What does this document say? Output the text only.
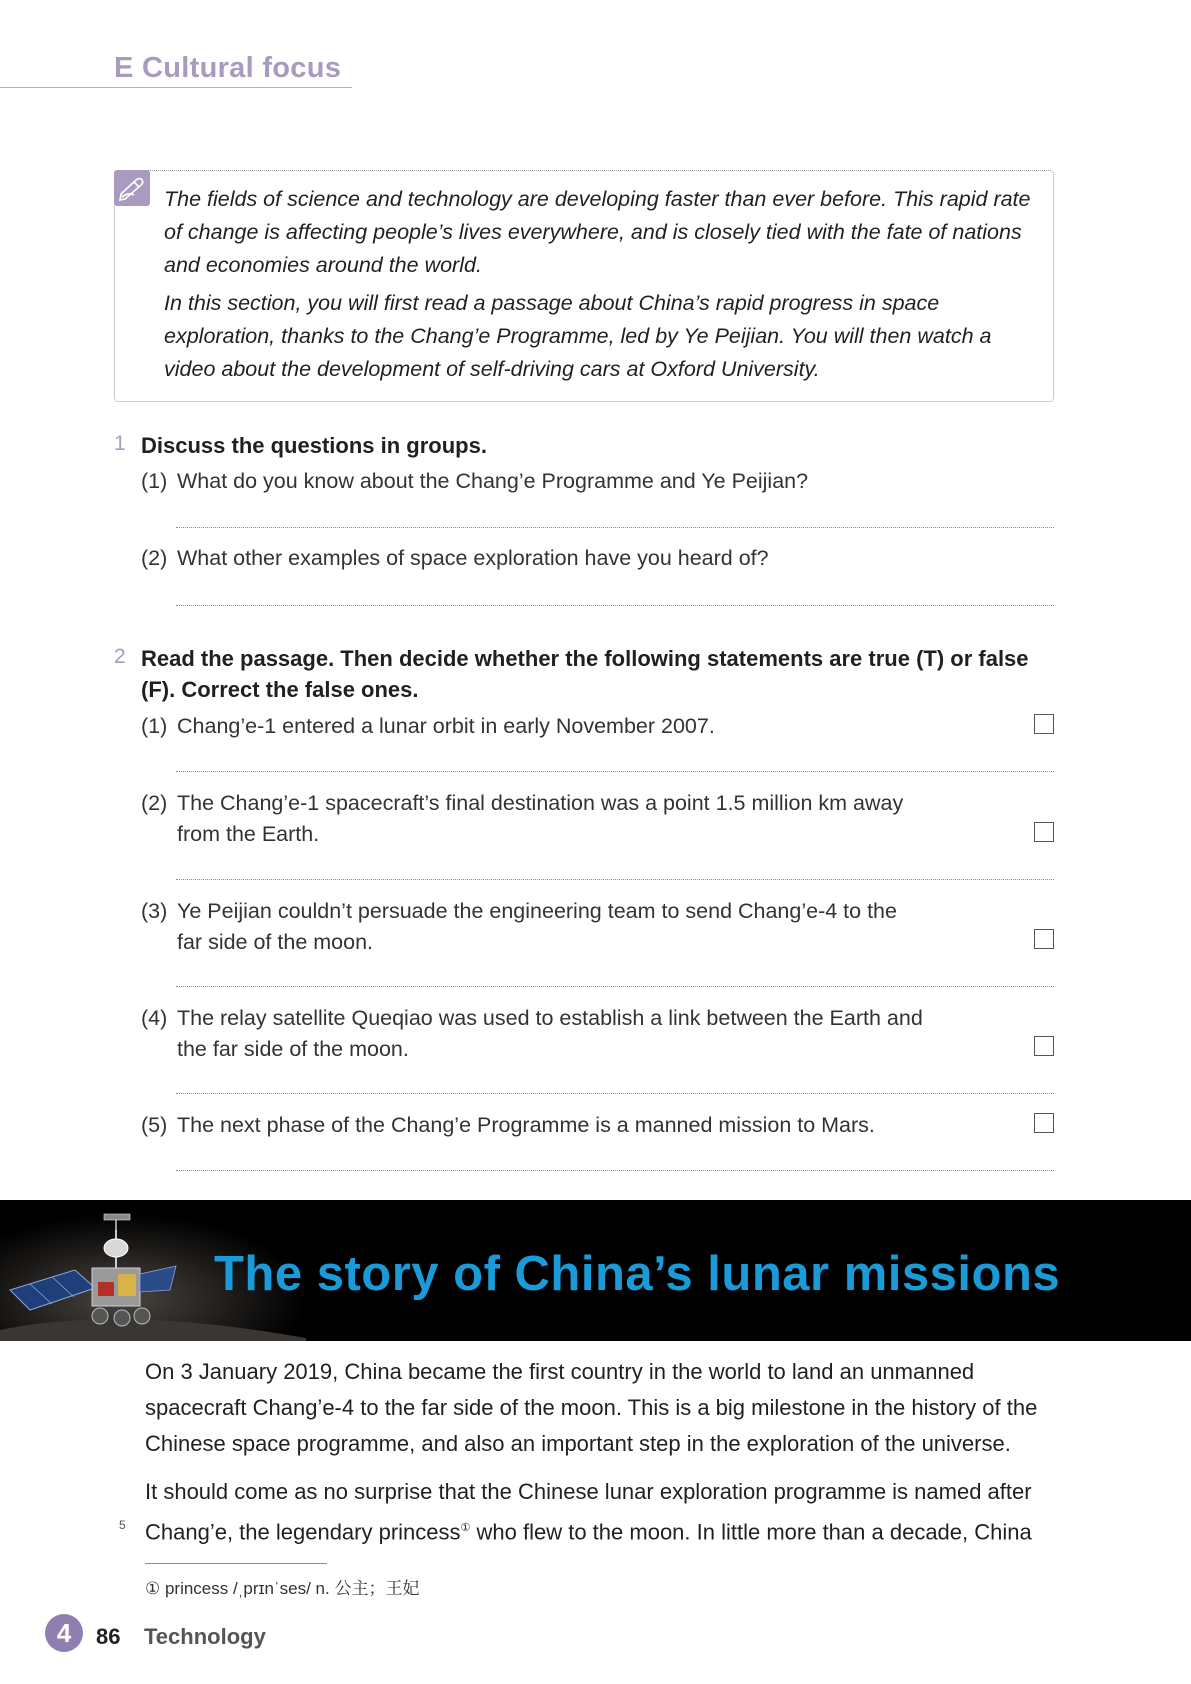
E Cultural focus

The fields of science and technology are developing faster than ever before. This rapid rate of change is affecting people’s lives everywhere, and is closely tied with the fate of nations and economies around the world.

In this section, you will first read a passage about China’s rapid progress in space exploration, thanks to the Chang’e Programme, led by Ye Peijian. You will then watch a video about the development of self-driving cars at Oxford University.

1 Discuss the questions in groups.
(1) What do you know about the Chang’e Programme and Ye Peijian?
(2) What other examples of space exploration have you heard of?
2 Read the passage. Then decide whether the following statements are true (T) or false (F). Correct the false ones.
(1) Chang’e-1 entered a lunar orbit in early November 2007.
(2) The Chang’e-1 spacecraft’s final destination was a point 1.5 million km away from the Earth.
(3) Ye Peijian couldn’t persuade the engineering team to send Chang’e-4 to the far side of the moon.
(4) The relay satellite Queqiao was used to establish a link between the Earth and the far side of the moon.
(5) The next phase of the Chang’e Programme is a manned mission to Mars.
The story of China’s lunar missions

On 3 January 2019, China became the first country in the world to land an unmanned spacecraft Chang’e-4 to the far side of the moon. This is a big milestone in the history of the Chinese space programme, and also an important step in the exploration of the universe.

It should come as no surprise that the Chinese lunar exploration programme is named after Chang’e, the legendary princess① who flew to the moon. In little more than a decade, China

5
① princess /ˌprɪnˈses/ n. 公主；王妃
4	86 Technology
